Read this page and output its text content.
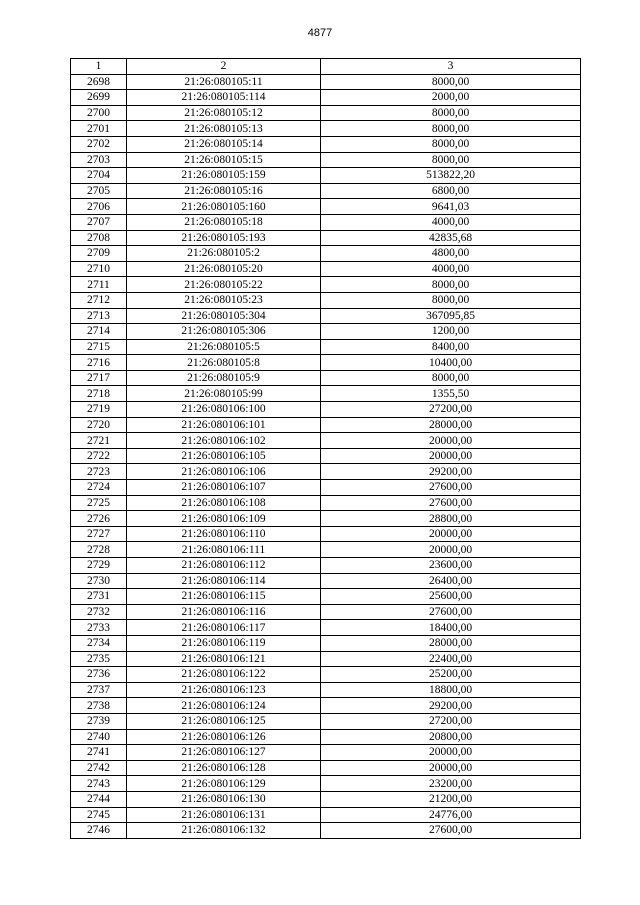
4877
1	2	3
2698	21:26:080105:11	8000,00
2699	21:26:080105:114	2000,00
2700	21:26:080105:12	8000,00
2701	21:26:080105:13	8000,00
2702	21:26:080105:14	8000,00
2703	21:26:080105:15	8000,00
2704	21:26:080105:159	513822,20
2705	21:26:080105:16	6800,00
2706	21:26:080105:160	9641,03
2707	21:26:080105:18	4000,00
2708	21:26:080105:193	42835,68
2709	21:26:080105:2	4800,00
2710	21:26:080105:20	4000,00
2711	21:26:080105:22	8000,00
2712	21:26:080105:23	8000,00
2713	21:26:080105:304	367095,85
2714	21:26:080105:306	1200,00
2715	21:26:080105:5	8400,00
2716	21:26:080105:8	10400,00
2717	21:26:080105:9	8000,00
2718	21:26:080105:99	1355,50
2719	21:26:080106:100	27200,00
2720	21:26:080106:101	28000,00
2721	21:26:080106:102	20000,00
2722	21:26:080106:105	20000,00
2723	21:26:080106:106	29200,00
2724	21:26:080106:107	27600,00
2725	21:26:080106:108	27600,00
2726	21:26:080106:109	28800,00
2727	21:26:080106:110	20000,00
2728	21:26:080106:111	20000,00
2729	21:26:080106:112	23600,00
2730	21:26:080106:114	26400,00
2731	21:26:080106:115	25600,00
2732	21:26:080106:116	27600,00
2733	21:26:080106:117	18400,00
2734	21:26:080106:119	28000,00
2735	21:26:080106:121	22400,00
2736	21:26:080106:122	25200,00
2737	21:26:080106:123	18800,00
2738	21:26:080106:124	29200,00
2739	21:26:080106:125	27200,00
2740	21:26:080106:126	20800,00
2741	21:26:080106:127	20000,00
2742	21:26:080106:128	20000,00
2743	21:26:080106:129	23200,00
2744	21:26:080106:130	21200,00
2745	21:26:080106:131	24776,00
2746	21:26:080106:132	27600,00
